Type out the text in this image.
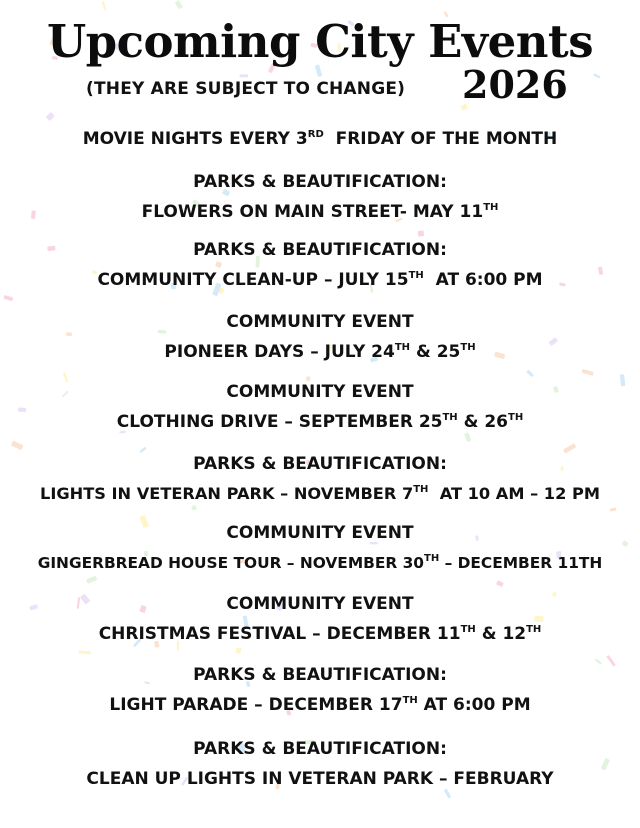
Upcoming City Events
(THEY ARE SUBJECT TO CHANGE) 2026
MOVIE NIGHTS EVERY 3RD  FRIDAY OF THE MONTH
PARKS & BEAUTIFICATION:
FLOWERS ON MAIN STREET- MAY 11TH
PARKS & BEAUTIFICATION:
COMMUNITY CLEAN-UP – JULY 15TH  AT 6:00 PM
COMMUNITY EVENT
PIONEER DAYS – JULY 24TH & 25TH
COMMUNITY EVENT
CLOTHING DRIVE – SEPTEMBER 25TH & 26TH
PARKS & BEAUTIFICATION:
LIGHTS IN VETERAN PARK – NOVEMBER 7TH  AT 10 AM – 12 PM
COMMUNITY EVENT
GINGERBREAD HOUSE TOUR – NOVEMBER 30TH – DECEMBER 11TH
COMMUNITY EVENT
CHRISTMAS FESTIVAL – DECEMBER 11TH & 12TH
PARKS & BEAUTIFICATION:
LIGHT PARADE – DECEMBER 17TH AT 6:00 PM
PARKS & BEAUTIFICATION:
CLEAN UP LIGHTS IN VETERAN PARK – FEBRUARY
